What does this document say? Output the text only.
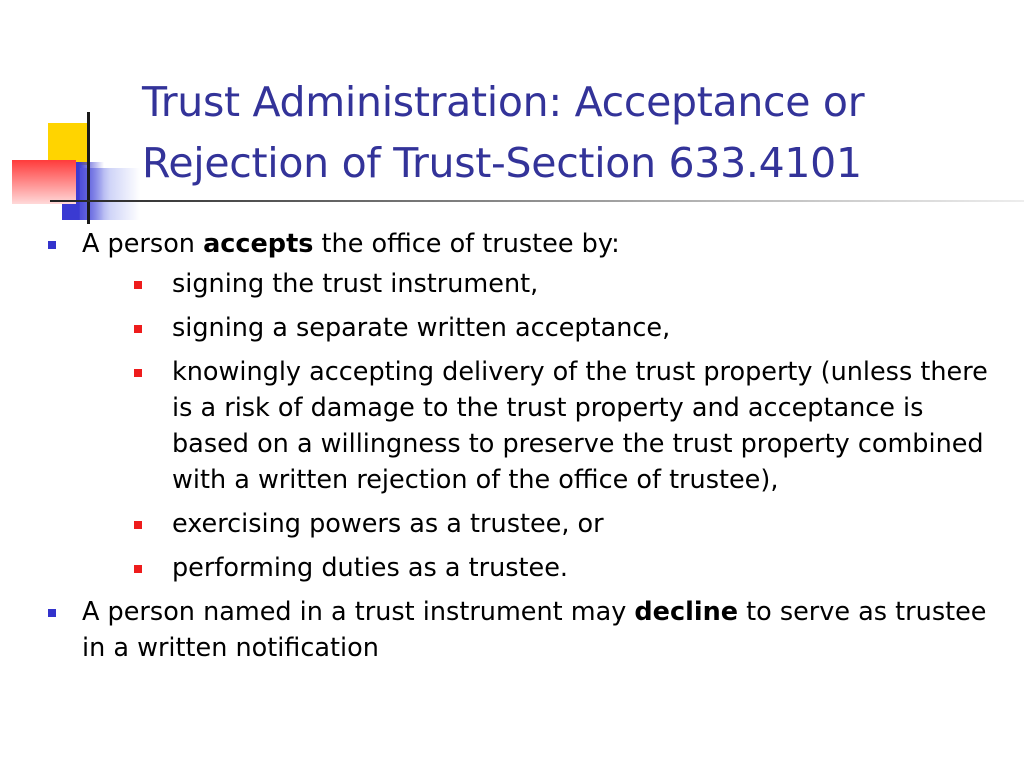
Trust Administration: Acceptance or Rejection of Trust-Section 633.4101
A person accepts the office of trustee by:
signing the trust instrument,
signing a separate written acceptance,
knowingly accepting delivery of the trust property (unless there is a risk of damage to the trust property and acceptance is based on a willingness to preserve the trust property combined with a written rejection of the office of trustee),
exercising powers as a trustee, or
performing duties as a trustee.
A person named in a trust instrument may decline to serve as trustee in a written notification
